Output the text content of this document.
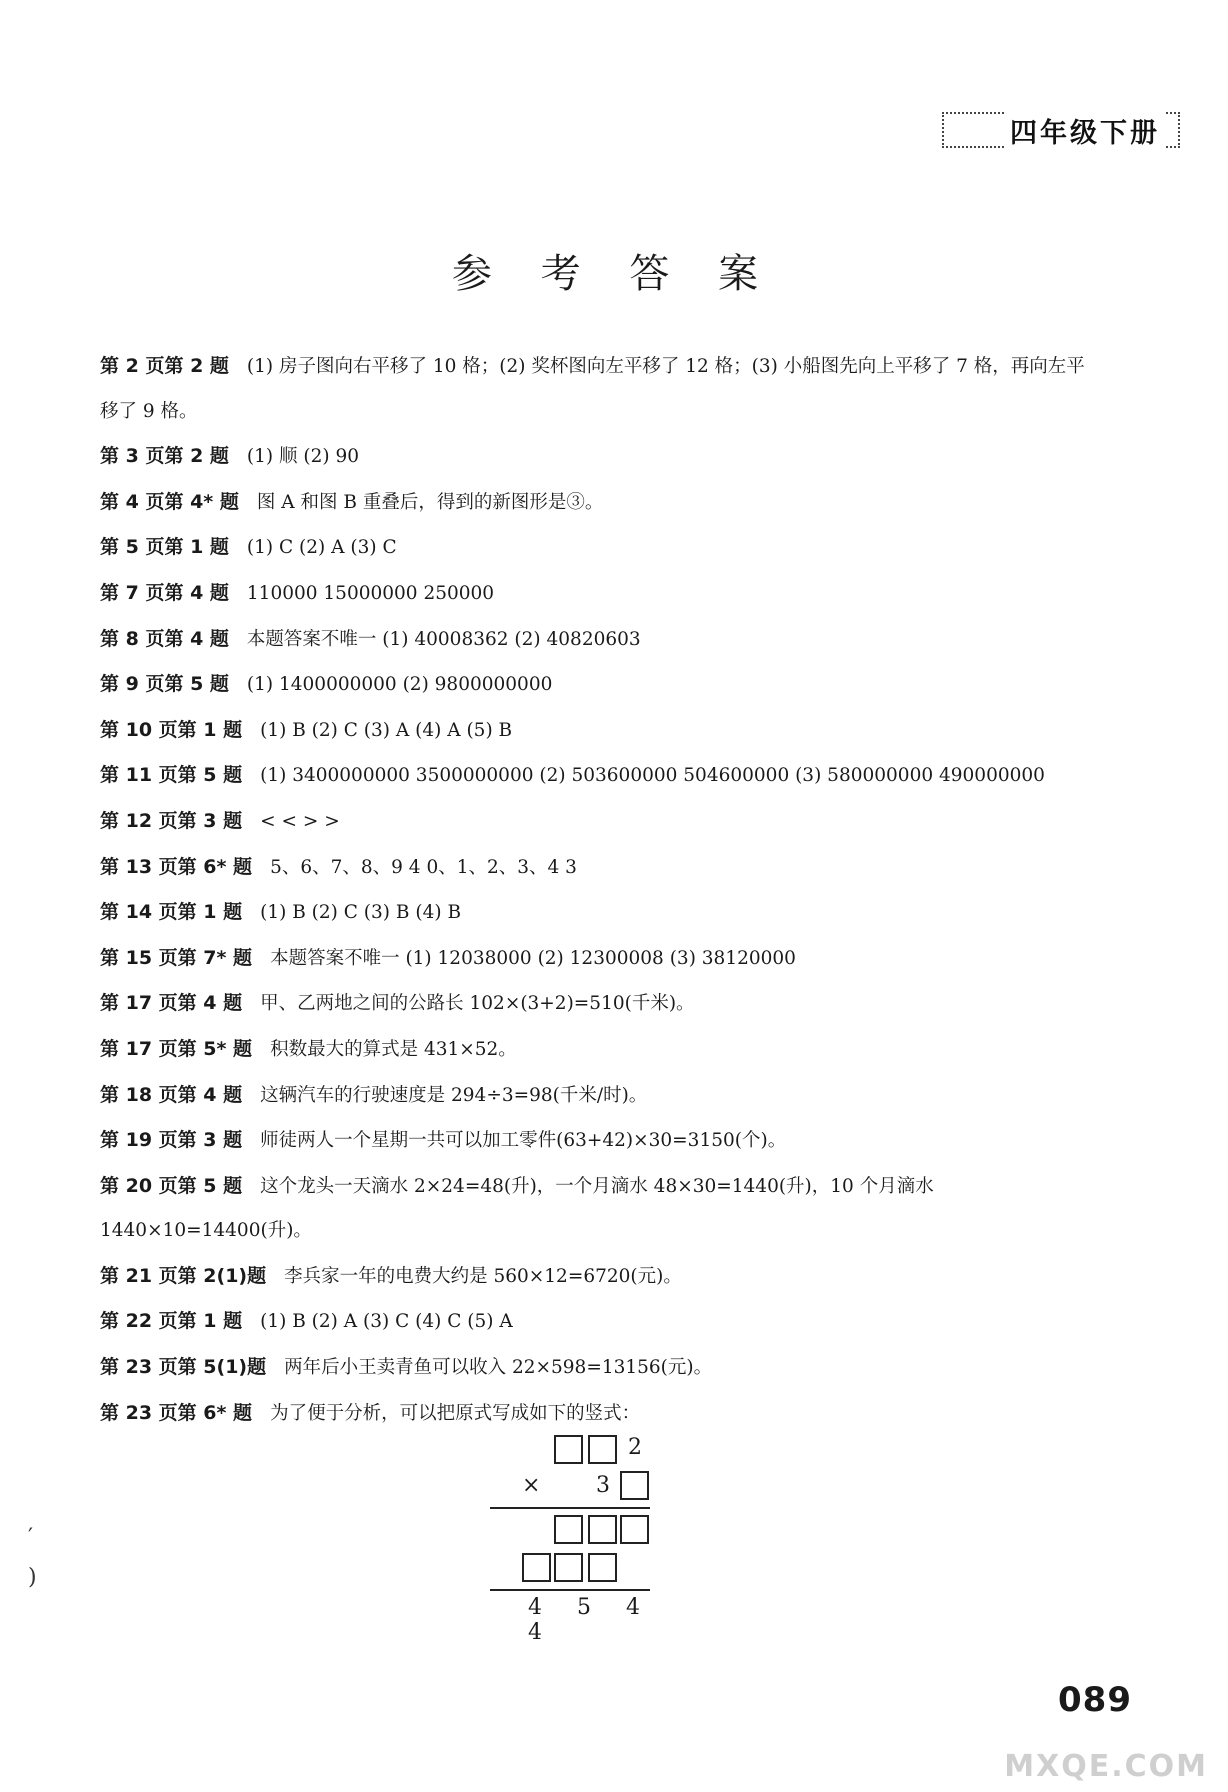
四年级下册
参 考 答 案
第 2 页第 2 题 (1) 房子图向右平移了 10 格；(2) 奖杯图向左平移了 12 格；(3) 小船图先向上平移了 7 格，再向左平移了 9 格。
第 3 页第 2 题 (1) 顺 (2) 90
第 4 页第 4* 题 图 A 和图 B 重叠后，得到的新图形是③。
第 5 页第 1 题 (1) C (2) A (3) C
第 7 页第 4 题 110000 15000000 250000
第 8 页第 4 题 本题答案不唯一 (1) 40008362 (2) 40820603
第 9 页第 5 题 (1) 1400000000 (2) 9800000000
第 10 页第 1 题 (1) B (2) C (3) A (4) A (5) B
第 11 页第 5 题 (1) 3400000000 3500000000 (2) 503600000 504600000 (3) 580000000 490000000
第 12 页第 3 题 < < > >
第 13 页第 6* 题 5、6、7、8、9 4 0、1、2、3、4 3
第 14 页第 1 题 (1) B (2) C (3) B (4) B
第 15 页第 7* 题 本题答案不唯一 (1) 12038000 (2) 12300008 (3) 38120000
第 17 页第 4 题 甲、乙两地之间的公路长 102×(3+2)=510(千米)。
第 17 页第 5* 题 积数最大的算式是 431×52。
第 18 页第 4 题 这辆汽车的行驶速度是 294÷3=98(千米/时)。
第 19 页第 3 题 师徒两人一个星期一共可以加工零件(63+42)×30=3150(个)。
第 20 页第 5 题 这个龙头一天滴水 2×24=48(升)，一个月滴水 48×30=1440(升)，10 个月滴水 1440×10=14400(升)。
第 21 页第 2(1)题 李兵家一年的电费大约是 560×12=6720(元)。
第 22 页第 1 题 (1) B (2) A (3) C (4) C (5) A
第 23 页第 5(1)题 两年后小王卖青鱼可以收入 22×598=13156(元)。
第 23 页第 6* 题 为了便于分析，可以把原式写成如下的竖式：
2
×	3
4 5 4 4
′
)
089
MXQE.COM
